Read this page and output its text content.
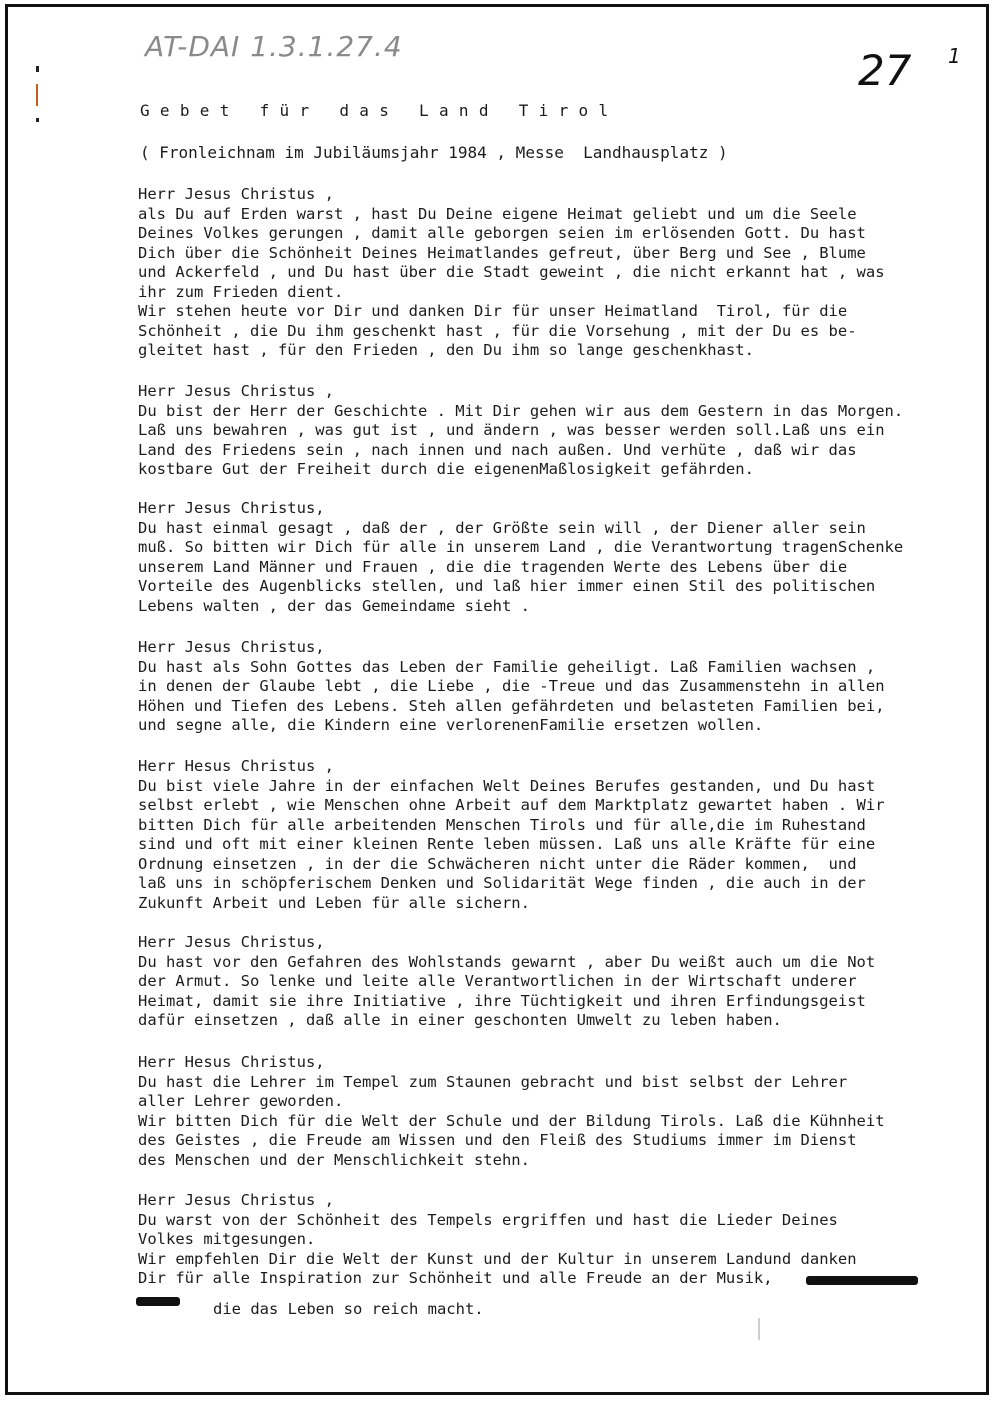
AT-DAI 1.3.1.27.4	27 1
Gebet für das Land Tirol
( Fronleichnam im Jubiläumsjahr 1984 , Messe  Landhausplatz )
Herr Jesus Christus ,
als Du auf Erden warst , hast Du Deine eigene Heimat geliebt und um die Seele
Deines Volkes gerungen , damit alle geborgen seien im erlösenden Gott. Du hast
Dich über die Schönheit Deines Heimatlandes gefreut, über Berg und See , Blume
und Ackerfeld , und Du hast über die Stadt geweint , die nicht erkannt hat , was
ihr zum Frieden dient.
Wir stehen heute vor Dir und danken Dir für unser Heimatland  Tirol, für die
Schönheit , die Du ihm geschenkt hast , für die Vorsehung , mit der Du es be-
gleitet hast , für den Frieden , den Du ihm so lange geschenkhast.
Herr Jesus Christus ,
Du bist der Herr der Geschichte . Mit Dir gehen wir aus dem Gestern in das Morgen.
Laß uns bewahren , was gut ist , und ändern , was besser werden soll.Laß uns ein
Land des Friedens sein , nach innen und nach außen. Und verhüte , daß wir das
kostbare Gut der Freiheit durch die eigenenMaßlosigkeit gefährden.
Herr Jesus Christus,
Du hast einmal gesagt , daß der , der Größte sein will , der Diener aller sein
muß. So bitten wir Dich für alle in unserem Land , die Verantwortung tragenSchenke
unserem Land Männer und Frauen , die die tragenden Werte des Lebens über die
Vorteile des Augenblicks stellen, und laß hier immer einen Stil des politischen
Lebens walten , der das Gemeindame sieht .
Herr Jesus Christus,
Du hast als Sohn Gottes das Leben der Familie geheiligt. Laß Familien wachsen ,
in denen der Glaube lebt , die Liebe , die -Treue und das Zusammenstehn in allen
Höhen und Tiefen des Lebens. Steh allen gefährdeten und belasteten Familien bei,
und segne alle, die Kindern eine verlorenenFamilie ersetzen wollen.
Herr Hesus Christus ,
Du bist viele Jahre in der einfachen Welt Deines Berufes gestanden, und Du hast
selbst erlebt , wie Menschen ohne Arbeit auf dem Marktplatz gewartet haben . Wir
bitten Dich für alle arbeitenden Menschen Tirols und für alle,die im Ruhestand
sind und oft mit einer kleinen Rente leben müssen. Laß uns alle Kräfte für eine
Ordnung einsetzen , in der die Schwächeren nicht unter die Räder kommen,  und
laß uns in schöpferischem Denken und Solidarität Wege finden , die auch in der
Zukunft Arbeit und Leben für alle sichern.
Herr Jesus Christus,
Du hast vor den Gefahren des Wohlstands gewarnt , aber Du weißt auch um die Not
der Armut. So lenke und leite alle Verantwortlichen in der Wirtschaft underer
Heimat, damit sie ihre Initiative , ihre Tüchtigkeit und ihren Erfindungsgeist
dafür einsetzen , daß alle in einer geschonten Umwelt zu leben haben.
Herr Hesus Christus,
Du hast die Lehrer im Tempel zum Staunen gebracht und bist selbst der Lehrer
aller Lehrer geworden.
Wir bitten Dich für die Welt der Schule und der Bildung Tirols. Laß die Kühnheit
des Geistes , die Freude am Wissen und den Fleiß des Studiums immer im Dienst
des Menschen und der Menschlichkeit stehn.
Herr Jesus Christus ,
Du warst von der Schönheit des Tempels ergriffen und hast die Lieder Deines
Volkes mitgesungen.
Wir empfehlen Dir die Welt der Kunst und der Kultur in unserem Landund danken
Dir für alle Inspiration zur Schönheit und alle Freude an der Musik,
die das Leben so reich macht.
